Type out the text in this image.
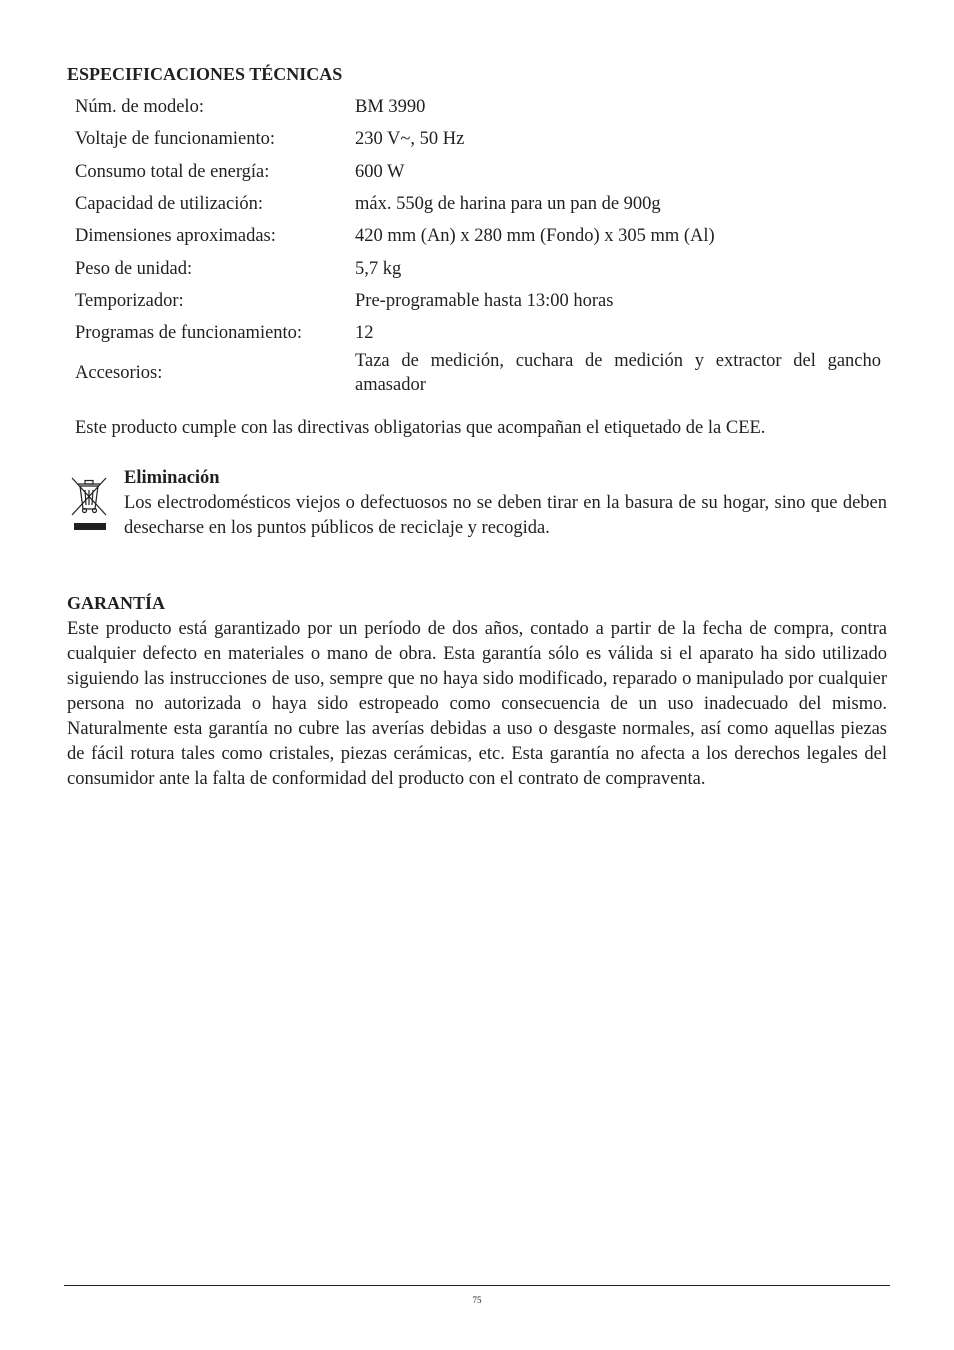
ESPECIFICACIONES TÉCNICAS
Núm. de modelo:	BM 3990
Voltaje de funcionamiento:	230 V~, 50 Hz
Consumo total de energía:	600 W
Capacidad de utilización:	máx. 550g de harina para un pan de 900g
Dimensiones aproximadas:	420 mm (An) x 280 mm (Fondo) x 305 mm (Al)
Peso de unidad:	5,7 kg
Temporizador:	Pre-programable hasta 13:00 horas
Programas de funcionamiento:	12
Accesorios:	Taza de medición, cuchara de medición y extractor del gancho amasador

Este producto cumple con las directivas obligatorias que acompañan el etiquetado de la CEE.

Eliminación
Los electrodomésticos viejos o defectuosos no se deben tirar en la basura de su hogar, sino que deben desecharse en los puntos públicos de reciclaje y recogida.
GARANTÍA

Este producto está garantizado por un período de dos años, contado a partir de la fecha de compra, contra cualquier defecto en materiales o mano de obra. Esta garantía sólo es válida si el aparato ha sido utilizado siguiendo las instrucciones de uso, sempre que no haya sido modificado, reparado o manipulado por cualquier persona no autorizada o haya sido estropeado como consecuencia de un uso inadecuado del mismo. Naturalmente esta garantía no cubre las averías debidas a uso o desgaste normales, así como aquellas piezas de fácil rotura tales como cristales, piezas cerámicas, etc. Esta garantía no afecta a los derechos legales del consumidor ante la falta de conformidad del producto con el contrato de compraventa.

75
